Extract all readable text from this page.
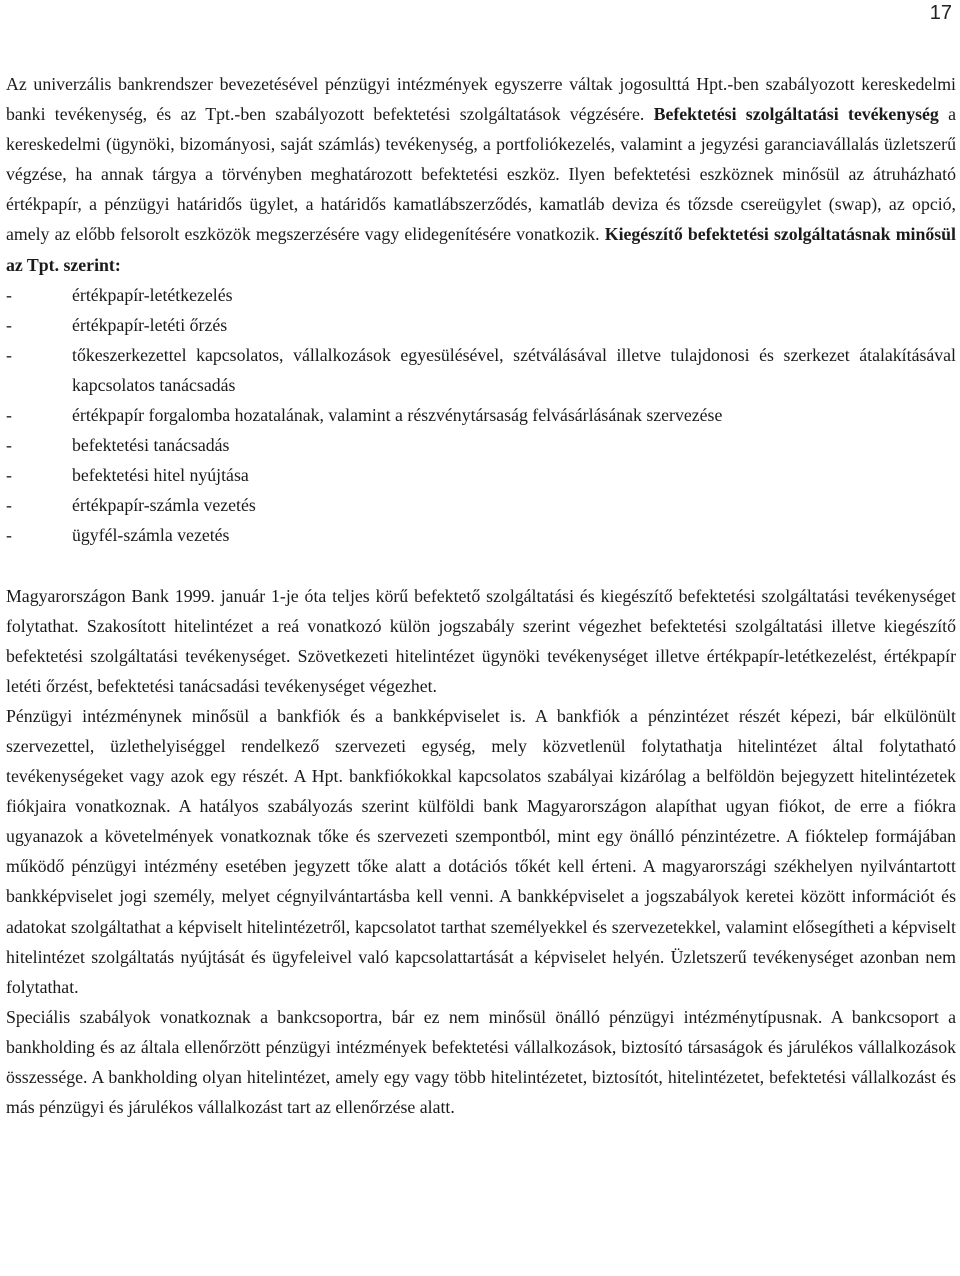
17

Az univerzális bankrendszer bevezetésével pénzügyi intézmények egyszerre váltak jogosulttá Hpt.-ben szabályozott kereskedelmi banki tevékenység, és az Tpt.-ben szabályozott befektetési szolgáltatások végzésére. Befektetési szolgáltatási tevékenység a kereskedelmi (ügynöki, bizományosi, saját számlás) tevékenység, a portfoliókezelés, valamint a jegyzési garanciavállalás üzletszerű végzése, ha annak tárgya a törvényben meghatározott befektetési eszköz. Ilyen befektetési eszköznek minősül az átruházható értékpapír, a pénzügyi határidős ügylet, a határidős kamatlábszerződés, kamatláb deviza és tőzsde csereügylet (swap), az opció, amely az előbb felsorolt eszközök megszerzésére vagy elidegenítésére vonatkozik. Kiegészítő befektetési szolgáltatásnak minősül az Tpt. szerint:

- értékpapír-letétkezelés
- értékpapír-letéti őrzés
- tőkeszerkezettel kapcsolatos, vállalkozások egyesülésével, szétválásával illetve tulajdonosi és szerkezet átalakításával kapcsolatos tanácsadás
- értékpapír forgalomba hozatalának, valamint a részvénytársaság felvásárlásának szervezése
- befektetési tanácsadás
- befektetési hitel nyújtása
- értékpapír-számla vezetés
- ügyfél-számla vezetés

Magyarországon Bank 1999. január 1-je óta teljes körű befektető szolgáltatási és kiegészítő befektetési szolgáltatási tevékenységet folytathat. Szakosított hitelintézet a reá vonatkozó külön jogszabály szerint végezhet befektetési szolgáltatási illetve kiegészítő befektetési szolgáltatási tevékenységet. Szövetkezeti hitelintézet ügynöki tevékenységet illetve értékpapír-letétkezelést, értékpapír letéti őrzést, befektetési tanácsadási tevékenységet végezhet.

Pénzügyi intézménynek minősül a bankfiók és a bankképviselet is. A bankfiók a pénzintézet részét képezi, bár elkülönült szervezettel, üzlethelyiséggel rendelkező szervezeti egység, mely közvetlenül folytathatja hitelintézet által folytatható tevékenységeket vagy azok egy részét. A Hpt. bankfiókokkal kapcsolatos szabályai kizárólag a belföldön bejegyzett hitelintézetek fiókjaira vonatkoznak. A hatályos szabályozás szerint külföldi bank Magyarországon alapíthat ugyan fiókot, de erre a fiókra ugyanazok a követelmények vonatkoznak tőke és szervezeti szempontból, mint egy önálló pénzintézetre. A fióktelep formájában működő pénzügyi intézmény esetében jegyzett tőke alatt a dotációs tőkét kell érteni. A magyarországi székhelyen nyilvántartott bankképviselet jogi személy, melyet cégnyilvántartásba kell venni. A bankképviselet a jogszabályok keretei között információt és adatokat szolgáltathat a képviselt hitelintézetről, kapcsolatot tarthat személyekkel és szervezetekkel, valamint elősegítheti a képviselt hitelintézet szolgáltatás nyújtását és ügyfeleivel való kapcsolattartását a képviselet helyén. Üzletszerű tevékenységet azonban nem folytathat.

Speciális szabályok vonatkoznak a bankcsoportra, bár ez nem minősül önálló pénzügyi intézménytípusnak. A bankcsoport a bankholding és az általa ellenőrzött pénzügyi intézmények befektetési vállalkozások, biztosító társaságok és járulékos vállalkozások összessége. A bankholding olyan hitelintézet, amely egy vagy több hitelintézetet, biztosítót, hitelintézetet, befektetési vállalkozást és más pénzügyi és járulékos vállalkozást tart az ellenőrzése alatt.
